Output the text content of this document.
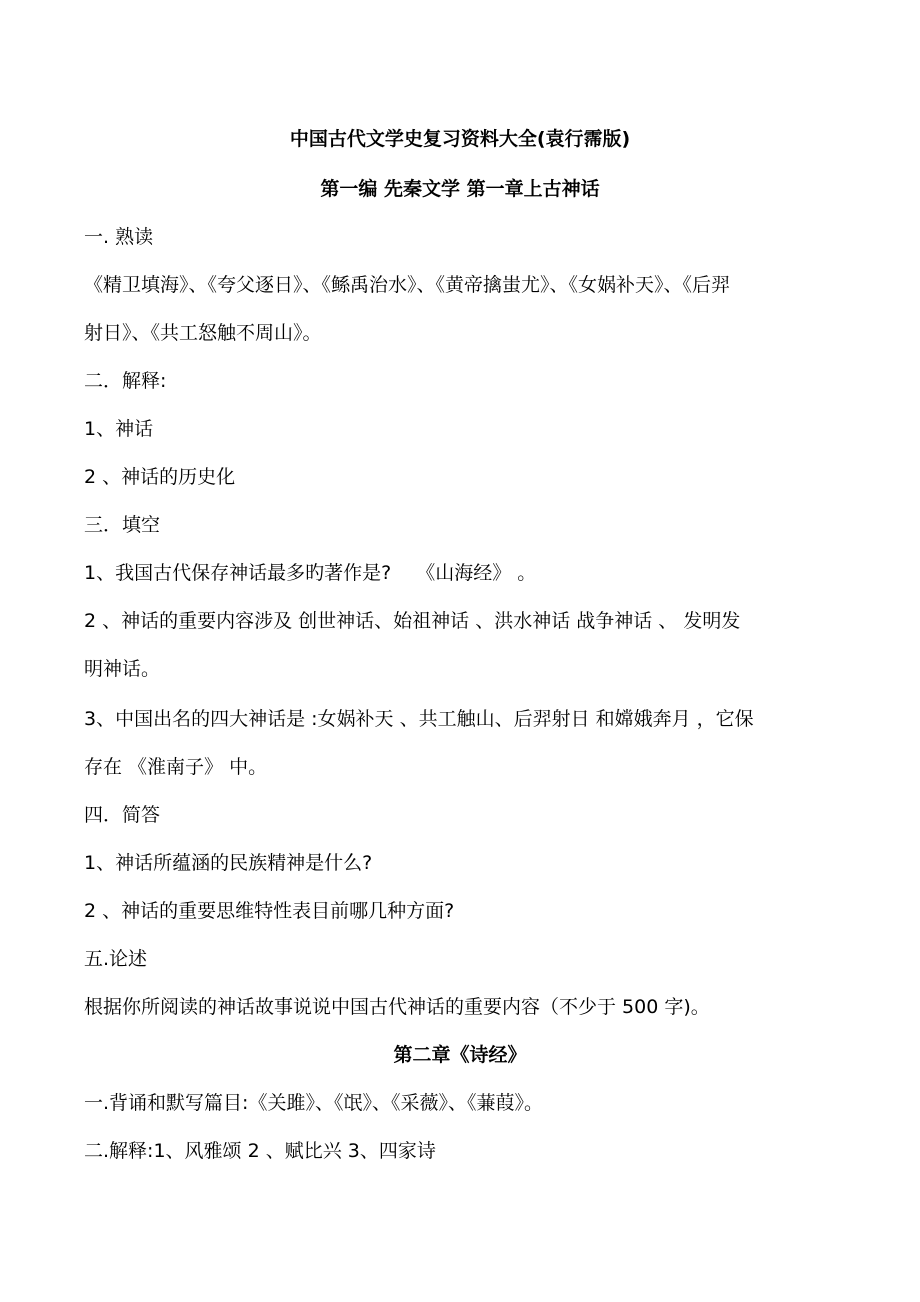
中国古代文学史复习资料大全(袁行霈版)
第一编 先秦文学 第一章上古神话
一. 熟读
《精卫填海》、《夸父逐日》、《鲧禹治水》、《黄帝擒蚩尤》、《女娲补天》、《后羿
射日》、《共工怒触不周山》。
二．解释:
1、神话
2 、神话的历史化
三．填空
1、我国古代保存神话最多旳著作是?　 《山海经》 。
2 、神话的重要内容涉及 创世神话、始祖神话 、洪水神话 战争神话 、 发明发
明神话。
3、中国出名的四大神话是 :女娲补天 、共工触山、后羿射日 和嫦娥奔月 ，它保
存在 《淮南子》 中。
四．简答
1、神话所蕴涵的民族精神是什么?
2 、神话的重要思维特性表目前哪几种方面?
五.论述
根据你所阅读的神话故事说说中国古代神话的重要内容（不少于 500 字)。
第二章《诗经》
一.背诵和默写篇目:《关雎》、《氓》、《采薇》、《蒹葭》。
二.解释:1、风雅颂 2 、赋比兴 3、四家诗
